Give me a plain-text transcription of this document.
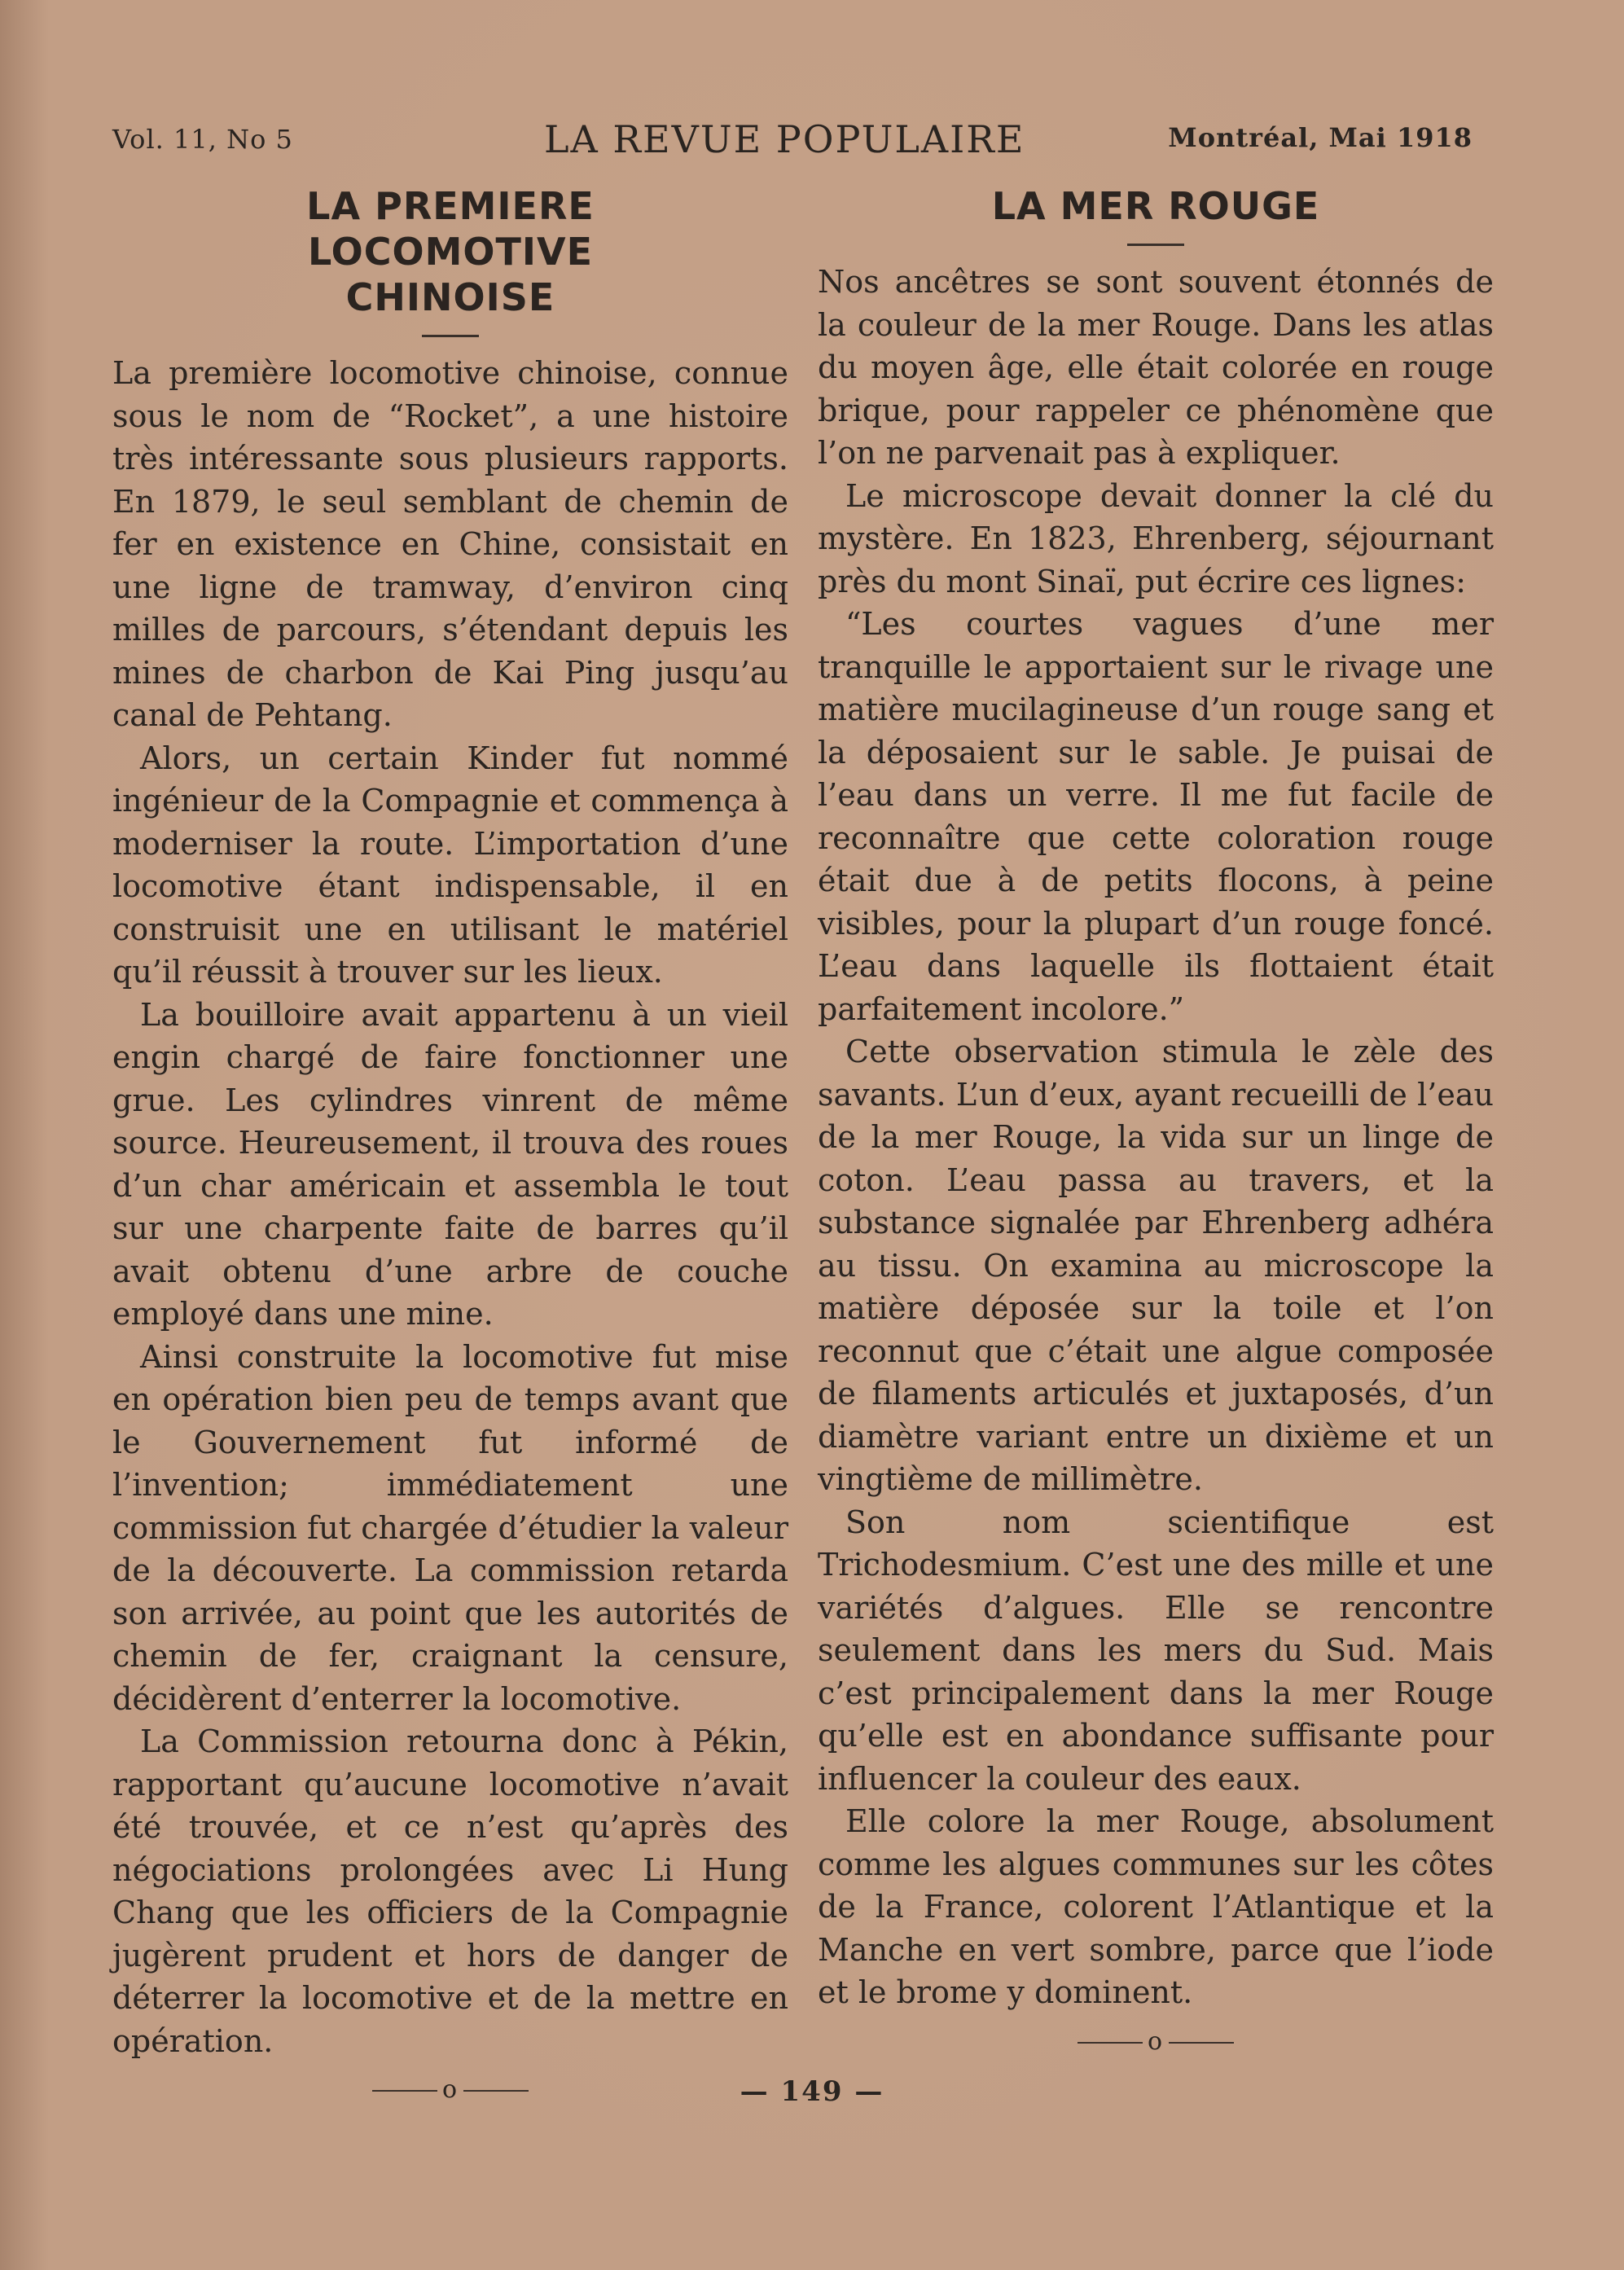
Vol. 11, No 5	LA REVUE POPULAIRE	Montréal, Mai 1918
LA PREMIERE LOCOMOTIVE CHINOISE

La première locomotive chinoise, connue sous le nom de “Rocket”, a une histoire très intéressante sous plusieurs rapports. En 1879, le seul semblant de chemin de fer en existence en Chine, consistait en une ligne de tramway, d’environ cinq milles de parcours, s’étendant depuis les mines de charbon de Kai Ping jusqu’au canal de Pehtang.

Alors, un certain Kinder fut nommé ingénieur de la Compagnie et commença à moderniser la route. L’importation d’une locomotive étant indispensable, il en construisit une en utilisant le matériel qu’il réussit à trouver sur les lieux.

La bouilloire avait appartenu à un vieil engin chargé de faire fonctionner une grue. Les cylindres vinrent de même source. Heureusement, il trouva des roues d’un char américain et assembla le tout sur une charpente faite de barres qu’il avait obtenu d’une arbre de couche employé dans une mine.

Ainsi construite la locomotive fut mise en opération bien peu de temps avant que le Gouvernement fut informé de l’invention; immédiatement une commission fut chargée d’étudier la valeur de la découverte. La commission retarda son arrivée, au point que les autorités de chemin de fer, craignant la censure, décidèrent d’enterrer la locomotive.

La Commission retourna donc à Pékin, rapportant qu’aucune locomotive n’avait été trouvée, et ce n’est qu’après des négociations prolongées avec Li Hung Chang que les officiers de la Compagnie jugèrent prudent et hors de danger de déterrer la locomotive et de la mettre en opération.

o
LA MER ROUGE

Nos ancêtres se sont souvent étonnés de la couleur de la mer Rouge. Dans les atlas du moyen âge, elle était colorée en rouge brique, pour rappeler ce phénomène que l’on ne parvenait pas à expliquer.

Le microscope devait donner la clé du mystère. En 1823, Ehrenberg, séjournant près du mont Sinaï, put écrire ces lignes:

“Les courtes vagues d’une mer tranquille le apportaient sur le rivage une matière mucilagineuse d’un rouge sang et la déposaient sur le sable. Je puisai de l’eau dans un verre. Il me fut facile de reconnaître que cette coloration rouge était due à de petits flocons, à peine visibles, pour la plupart d’un rouge foncé. L’eau dans laquelle ils flottaient était parfaitement incolore.”

Cette observation stimula le zèle des savants. L’un d’eux, ayant recueilli de l’eau de la mer Rouge, la vida sur un linge de coton. L’eau passa au travers, et la substance signalée par Ehrenberg adhéra au tissu. On examina au microscope la matière déposée sur la toile et l’on reconnut que c’était une algue composée de filaments articulés et juxtaposés, d’un diamètre variant entre un dixième et un vingtième de millimètre.

Son nom scientifique est Trichodesmium. C’est une des mille et une variétés d’algues. Elle se rencontre seulement dans les mers du Sud. Mais c’est principalement dans la mer Rouge qu’elle est en abondance suffisante pour influencer la couleur des eaux.

Elle colore la mer Rouge, absolument comme les algues communes sur les côtes de la France, colorent l’Atlantique et la Manche en vert sombre, parce que l’iode et le brome y dominent.

o
— 149 —
